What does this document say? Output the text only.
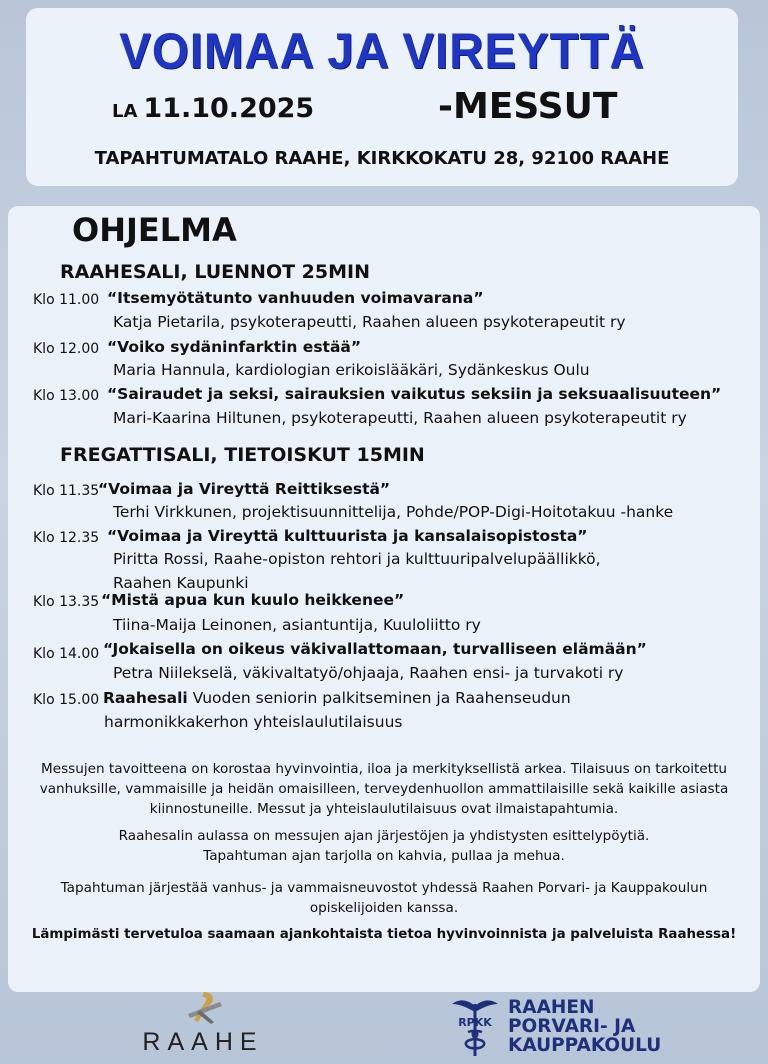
VOIMAA JA VIREYTTÄ
LA 11.10.2025	-MESSUT
TAPAHTUMATALO RAAHE, KIRKKOKATU 28, 92100 RAAHE
OHJELMA
RAAHESALI, LUENNOT 25MIN
Klo 11.00 “Itsemyötätunto vanhuuden voimavarana”
Katja Pietarila, psykoterapeutti, Raahen alueen psykoterapeutit ry
Klo 12.00 “Voiko sydäninfarktin estää”
Maria Hannula, kardiologian erikoislääkäri, Sydänkeskus Oulu
Klo 13.00 “Sairaudet ja seksi, sairauksien vaikutus seksiin ja seksuaalisuuteen”
Mari-Kaarina Hiltunen, psykoterapeutti, Raahen alueen psykoterapeutit ry
FREGATTISALI, TIETOISKUT 15MIN
Klo 11.35
“Voimaa ja Vireyttä Reittiksestä”
Terhi Virkkunen, projektisuunnittelija, Pohde/POP-Digi-Hoitotakuu -hanke
Klo 12.35 “Voimaa ja Vireyttä kulttuurista ja kansalaisopistosta”
Piritta Rossi, Raahe-opiston rehtori ja kulttuuripalvelupäällikkö,
Raahen Kaupunki
Klo 13.35 “Mistä apua kun kuulo heikkenee”
Tiina-Maija Leinonen, asiantuntija, Kuuloliitto ry
Klo 14.00 “Jokaisella on oikeus väkivallattomaan, turvalliseen elämään”
Petra Niilekselä, väkivaltatyö/ohjaaja, Raahen ensi- ja turvakoti ry
Klo 15.00 Raahesali Vuoden seniorin palkitseminen ja Raahenseudun
harmonikkakerhon yhteislaulutilaisuus
Messujen tavoitteena on korostaa hyvinvointia, iloa ja merkityksellistä arkea. Tilaisuus on tarkoitettu
vanhuksille, vammaisille ja heidän omaisilleen, terveydenhuollon ammattilaisille sekä kaikille asiasta
kiinnostuneille. Messut ja yhteislaulutilaisuus ovat ilmaistapahtumia.
Raahesalin aulassa on messujen ajan järjestöjen ja yhdistysten esittelypöytiä.
Tapahtuman ajan tarjolla on kahvia, pullaa ja mehua.
Tapahtuman järjestää vanhus- ja vammaisneuvostot yhdessä Raahen Porvari- ja Kauppakoulun
opiskelijoiden kanssa.
Lämpimästi tervetuloa saamaan ajankohtaista tietoa hyvinvoinnista ja palveluista Raahessa!
RAAHE
RPKK
RAAHEN
PORVARI- JA
KAUPPAKOULU
